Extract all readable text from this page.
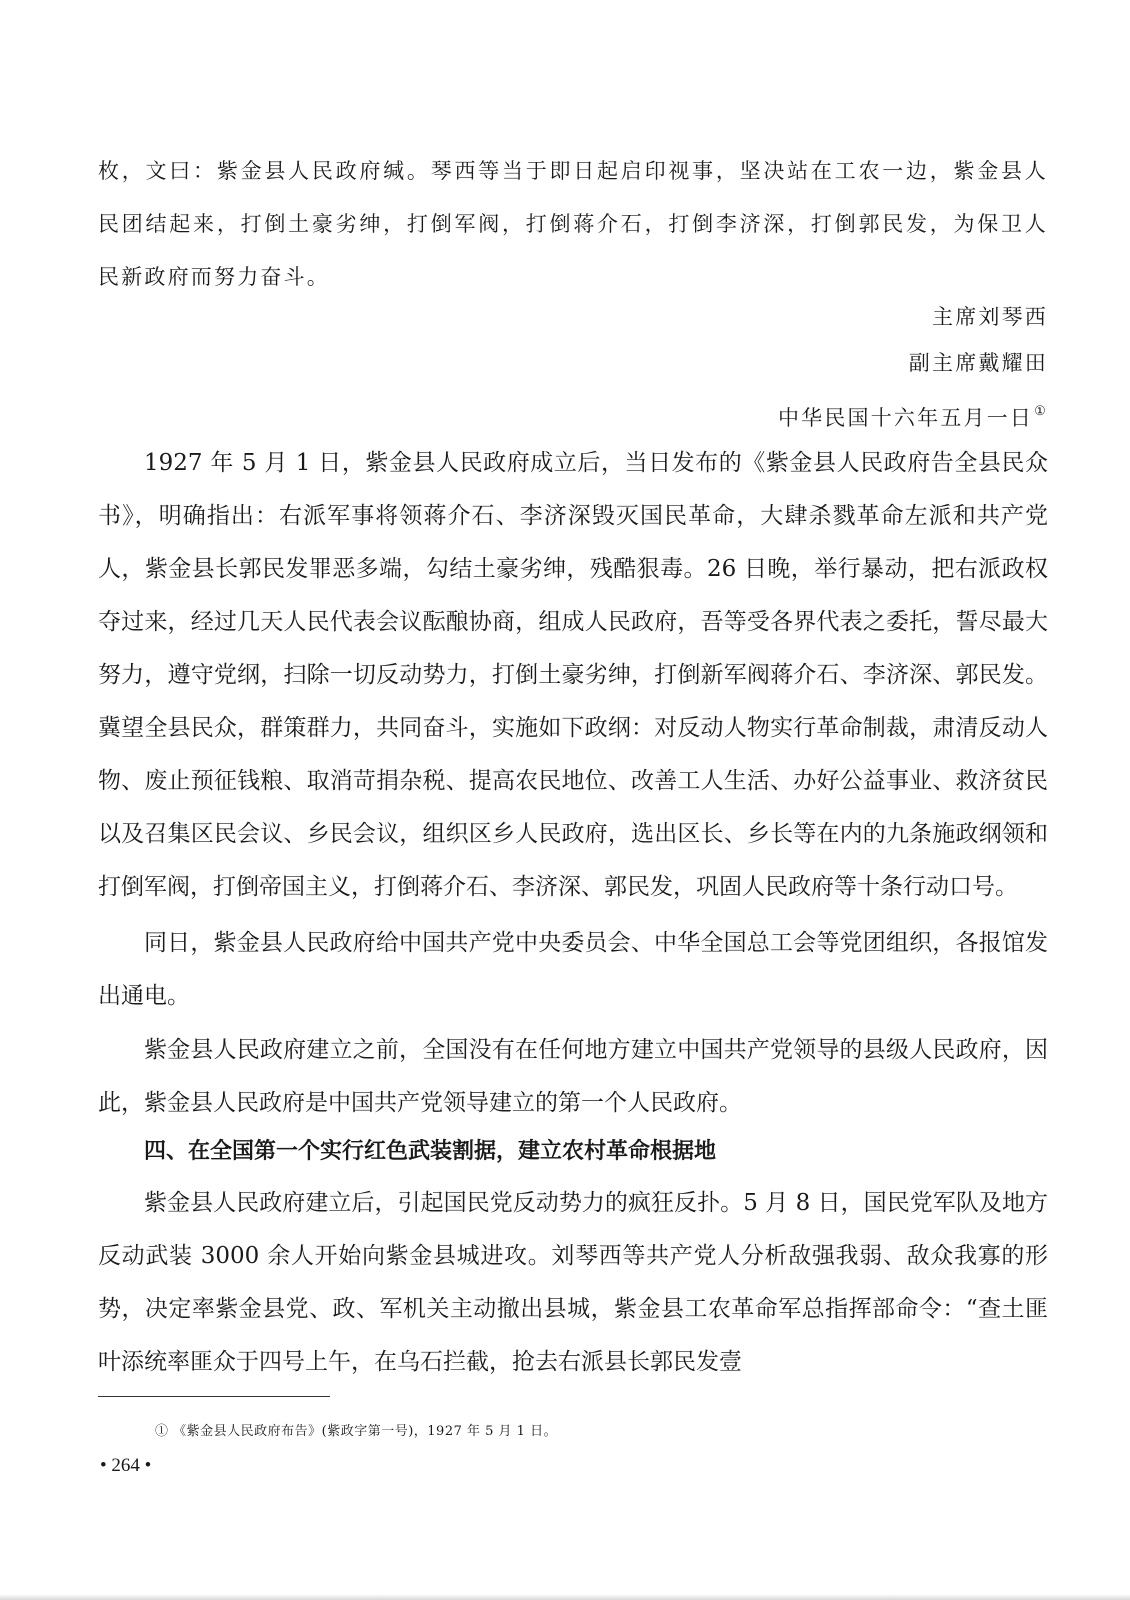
枚，文曰：紫金县人民政府缄。琴西等当于即日起启印视事，坚决站在工农一边，紫金县人民团结起来，打倒土豪劣绅，打倒军阀，打倒蒋介石，打倒李济深，打倒郭民发，为保卫人民新政府而努力奋斗。
主席刘琴西
副主席戴耀田
中华民国十六年五月一日①
1927 年 5 月 1 日，紫金县人民政府成立后，当日发布的《紫金县人民政府告全县民众书》，明确指出：右派军事将领蒋介石、李济深毁灭国民革命，大肆杀戮革命左派和共产党人，紫金县长郭民发罪恶多端，勾结土豪劣绅，残酷狠毒。26 日晚，举行暴动，把右派政权夺过来，经过几天人民代表会议酝酿协商，组成人民政府，吾等受各界代表之委托，誓尽最大努力，遵守党纲，扫除一切反动势力，打倒土豪劣绅，打倒新军阀蒋介石、李济深、郭民发。冀望全县民众，群策群力，共同奋斗，实施如下政纲：对反动人物实行革命制裁，肃清反动人物、废止预征钱粮、取消苛捐杂税、提高农民地位、改善工人生活、办好公益事业、救济贫民以及召集区民会议、乡民会议，组织区乡人民政府，选出区长、乡长等在内的九条施政纲领和打倒军阀，打倒帝国主义，打倒蒋介石、李济深、郭民发，巩固人民政府等十条行动口号。
同日，紫金县人民政府给中国共产党中央委员会、中华全国总工会等党团组织，各报馆发出通电。
紫金县人民政府建立之前，全国没有在任何地方建立中国共产党领导的县级人民政府，因此，紫金县人民政府是中国共产党领导建立的第一个人民政府。
四、在全国第一个实行红色武装割据，建立农村革命根据地
紫金县人民政府建立后，引起国民党反动势力的疯狂反扑。5 月 8 日，国民党军队及地方反动武装 3000 余人开始向紫金县城进攻。刘琴西等共产党人分析敌强我弱、敌众我寡的形势，决定率紫金县党、政、军机关主动撤出县城，紫金县工农革命军总指挥部命令：“查土匪叶添统率匪众于四号上午，在乌石拦截，抢去右派县长郭民发壹
① 《紫金县人民政府布告》(紫政字第一号)，1927 年 5 月 1 日。
• 264 •
